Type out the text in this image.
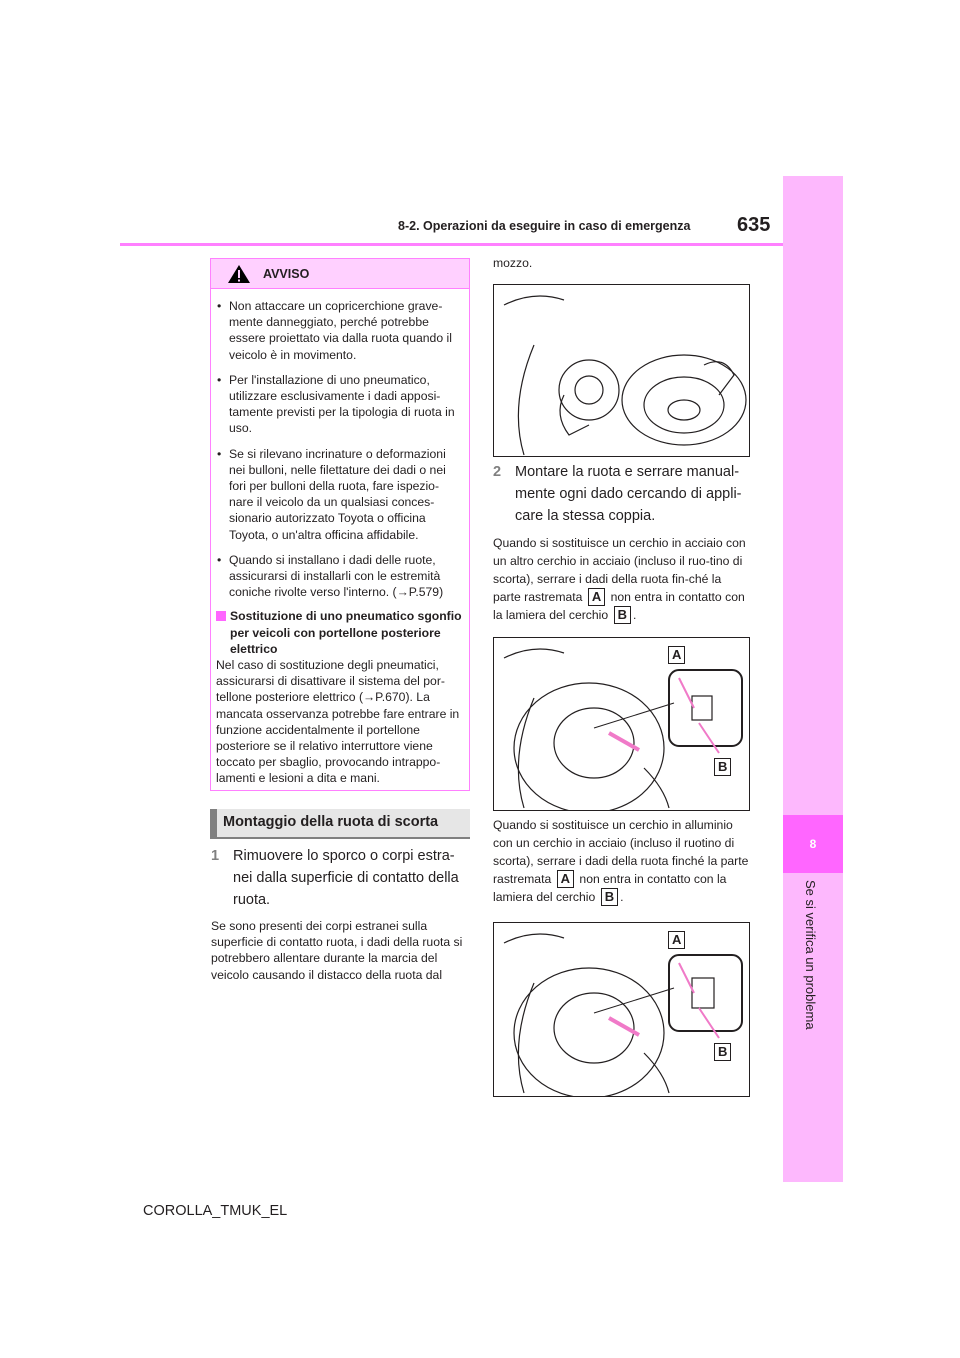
8
Se si verifica un problema
8-2. Operazioni da eseguire in caso di emergenza 635
AVVISO
• Non attaccare un copricerchione grave-mente danneggiato, perché potrebbe essere proiettato via dalla ruota quando il veicolo è in movimento.
• Per l'installazione di uno pneumatico, utilizzare esclusivamente i dadi apposi-tamente previsti per la tipologia di ruota in uso.
• Se si rilevano incrinature o deformazioni nei bulloni, nelle filettature dei dadi o nei fori per bulloni della ruota, fare ispezio-nare il veicolo da un qualsiasi conces-sionario autorizzato Toyota o officina Toyota, o un'altra officina affidabile.
• Quando si installano i dadi delle ruote, assicurarsi di installarli con le estremità coniche rivolte verso l'interno. (→P.579)
Sostituzione di uno pneumatico sgonfio per veicoli con portellone posteriore elettrico
Nel caso di sostituzione degli pneumatici, assicurarsi di disattivare il sistema del por-tellone posteriore elettrico (→P.670). La mancata osservanza potrebbe fare entrare in funzione accidentalmente il portellone posteriore se il relativo interruttore viene toccato per sbaglio, provocando intrappo-lamenti e lesioni a dita e mani.
Montaggio della ruota di scorta
1 Rimuovere lo sporco o corpi estra-nei dalla superficie di contatto della ruota.
Se sono presenti dei corpi estranei sulla superficie di contatto ruota, i dadi della ruota si potrebbero allentare durante la marcia del veicolo causando il distacco della ruota dal
mozzo.
2 Montare la ruota e serrare manual-mente ogni dado cercando di appli-care la stessa coppia.
Quando si sostituisce un cerchio in acciaio con un altro cerchio in acciaio (incluso il ruo-tino di scorta), serrare i dadi della ruota fin-ché la parte rastremata A non entra in contatto con la lamiera del cerchio B .
A
B
Quando si sostituisce un cerchio in alluminio con un cerchio in acciaio (incluso il ruotino di scorta), serrare i dadi della ruota finché la parte rastremata A non entra in contatto con la lamiera del cerchio B .
A
B
COROLLA_TMUK_EL
